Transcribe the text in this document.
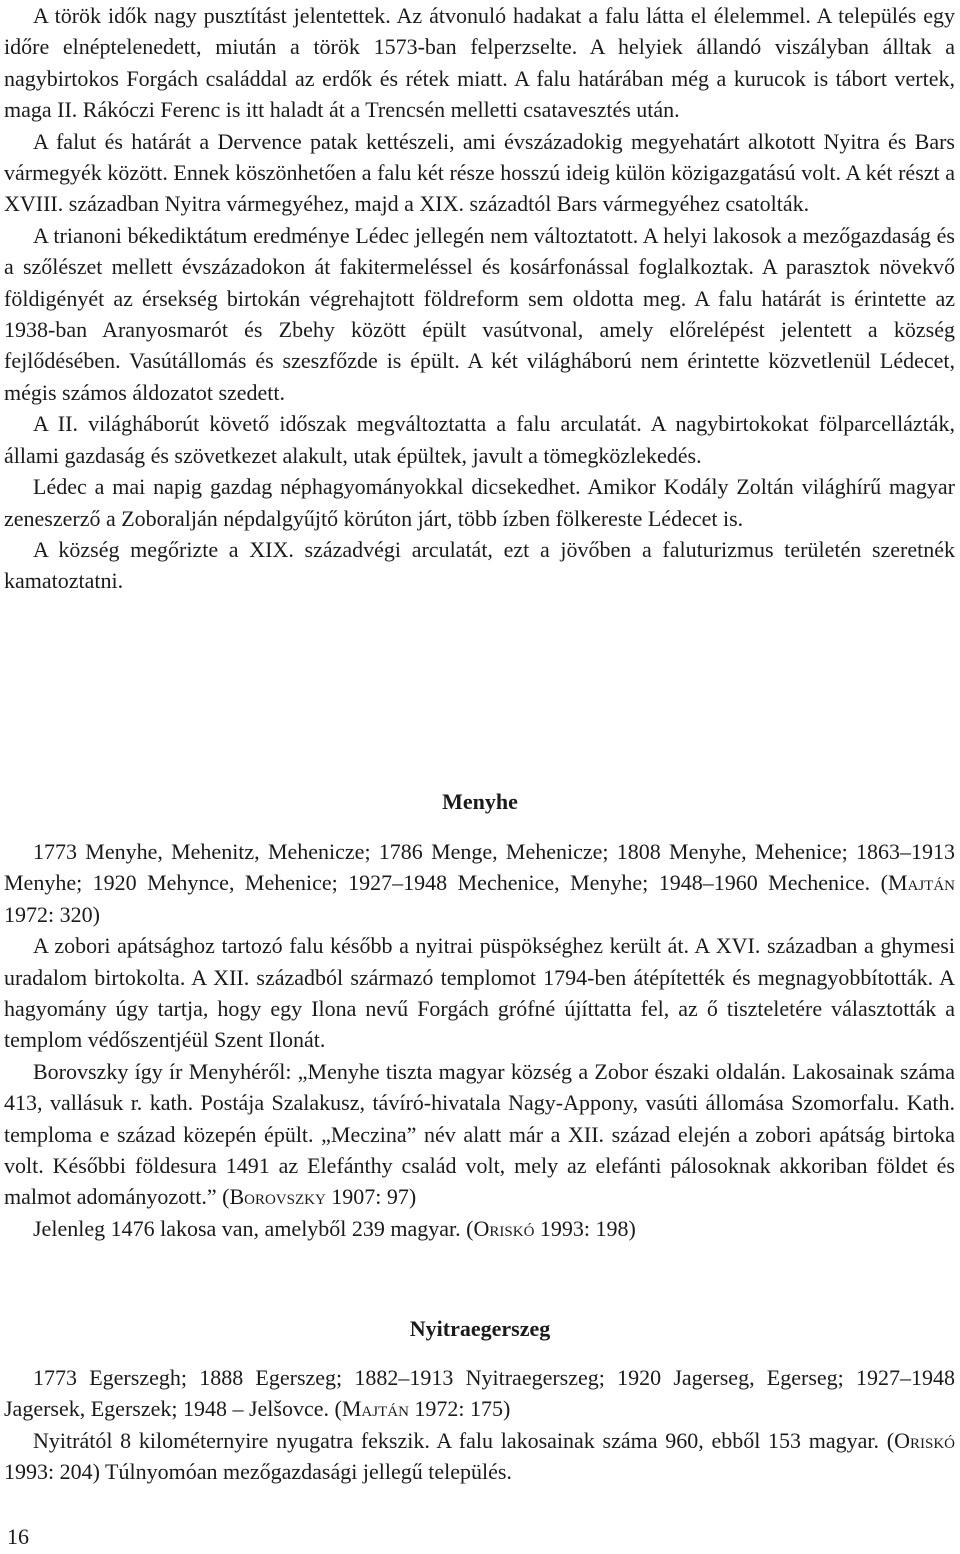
A török idők nagy pusztítást jelentettek. Az átvonuló hadakat a falu látta el élelemmel. A település egy időre elnéptelenedett, miután a török 1573-ban felperzselte. A helyiek állandó viszályban álltak a nagybirtokos Forgách családdal az erdők és rétek miatt. A falu határában még a kurucok is tábort vertek, maga II. Rákóczi Ferenc is itt haladt át a Trencsén melletti csatavesztés után.

A falut és határát a Dervence patak kettészeli, ami évszázadokig megyehatárt alkotott Nyitra és Bars vármegyék között. Ennek köszönhetően a falu két része hosszú ideig külön közigazgatású volt. A két részt a XVIII. században Nyitra vármegyéhez, majd a XIX. századtól Bars vármegyéhez csatolták.

A trianoni békediktátum eredménye Lédec jellegén nem változtatott. A helyi lakosok a mezőgazdaság és a szőlészet mellett évszázadokon át fakitermeléssel és kosárfonással foglalkoztak. A parasztok növekvő földigényét az érsekség birtokán végrehajtott földreform sem oldotta meg. A falu határát is érintette az 1938-ban Aranyosmarót és Zbehy között épült vasútvonal, amely előrelépést jelentett a község fejlődésében. Vasútállomás és szeszfőzde is épült. A két világháború nem érintette közvetlenül Lédecet, mégis számos áldozatot szedett.

A II. világháborút követő időszak megváltoztatta a falu arculatát. A nagybirtokokat fölparcellázták, állami gazdaság és szövetkezet alakult, utak épültek, javult a tömegközlekedés.

Lédec a mai napig gazdag néphagyományokkal dicsekedhet. Amikor Kodály Zoltán világhírű magyar zeneszerző a Zoboralján népdalgyűjtő körúton járt, több ízben fölkereste Lédecet is.

A község megőrizte a XIX. századvégi arculatát, ezt a jövőben a faluturizmus területén szeretnék kamatoztatni.

Menyhe

1773 Menyhe, Mehenitz, Mehenicze; 1786 Menge, Mehenicze; 1808 Menyhe, Mehenice; 1863–1913 Menyhe; 1920 Mehynce, Mehenice; 1927–1948 Mechenice, Menyhe; 1948–1960 Mechenice. (Majtán 1972: 320)

A zobori apátsághoz tartozó falu később a nyitrai püspökséghez került át. A XVI. században a ghymesi uradalom birtokolta. A XII. századból származó templomot 1794-ben átépítették és megnagyobbították. A hagyomány úgy tartja, hogy egy Ilona nevű Forgách grófné újíttatta fel, az ő tiszteletére választották a templom védőszentjéül Szent Ilonát.

Borovszky így ír Menyhéről: „Menyhe tiszta magyar község a Zobor északi oldalán. Lakosainak száma 413, vallásuk r. kath. Postája Szalakusz, távíró-hivatala Nagy-Appony, vasúti állomása Szomorfalu. Kath. temploma e század közepén épült. „Meczina” név alatt már a XII. század elején a zobori apátság birtoka volt. Későbbi földesura 1491 az Elefánthy család volt, mely az elefánti pálosoknak akkoriban földet és malmot adományozott.” (Borovszky 1907: 97)

Jelenleg 1476 lakosa van, amelyből 239 magyar. (Oriskó 1993: 198)

Nyitraegerszeg

1773 Egerszegh; 1888 Egerszeg; 1882–1913 Nyitraegerszeg; 1920 Jagerseg, Egerseg; 1927–1948 Jagersek, Egerszek; 1948 – Jelšovce. (Majtán 1972: 175)

Nyitrától 8 kilométernyire nyugatra fekszik. A falu lakosainak száma 960, ebből 153 magyar. (Oriskó 1993: 204) Túlnyomóan mezőgazdasági jellegű település.

16
